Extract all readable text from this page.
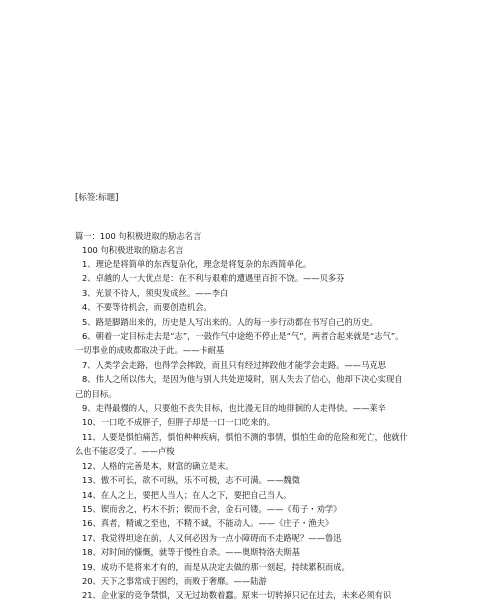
[标签:标题]
篇一：100 句积极进取的励志名言
100 句积极进取的励志名言
1、理论是将简单的东西复杂化，理念是将复杂的东西简单化。
2、卓越的人一大优点是：在不利与艰难的遭遇里百折不饶。——贝多芬
3、光景不待人，须臾发成丝。——李白
4、不要等待机会，而要创造机会。
5、路是脚踏出来的，历史是人写出来的。人的每一步行动都在书写自己的历史。
6、朝着一定目标走去是“志”，一鼓作气中途绝不停止是“气”，两者合起来就是“志气”。
一切事业的成败都取决于此。——卡耐基
7、人类学会走路，也得学会摔跤，而且只有经过摔跤他才能学会走路。——马克思
8、伟人之所以伟大，是因为他与别人共处逆境时，别人失去了信心，他却下决心实现自
己的目标。
9、走得最慢的人，只要他不丧失目标，也比漫无目的地徘徊的人走得快。——莱辛
10、一口吃不成胖子，但胖子却是一口一口吃来的。
11、人要是惧怕痛苦，惧怕种种疾病，惧怕不测的事情，惧怕生命的危险和死亡，他就什
么也不能忍受了。——卢梭
12、人格的完善是本，财富的确立是末。
13、傲不可长，欲不可纵，乐不可极，志不可满。——魏徵
14、在人之上，要把人当人；在人之下，要把自己当人。
15、锲而舍之，朽木不折；锲而不舍，金石可镂。——《荀子・劝学》
16、真者，精诚之至也，不精不诚，不能动人。——《庄子・渔夫》
17、我觉得坦途在前，人又何必因为一点小障碍而不走路呢？——鲁迅
18、对时间的慷慨，就等于慢性自杀。——奥斯特洛夫斯基
19、成功不是将来才有的，而是从决定去做的那一刻起，持续累积而成。
20、天下之事常成于困约，而败于奢靡。——陆游
21、企业家的竞争禁惧，又无过劫数着蠢。原来一切转掉只记在过去，未来必须有识
